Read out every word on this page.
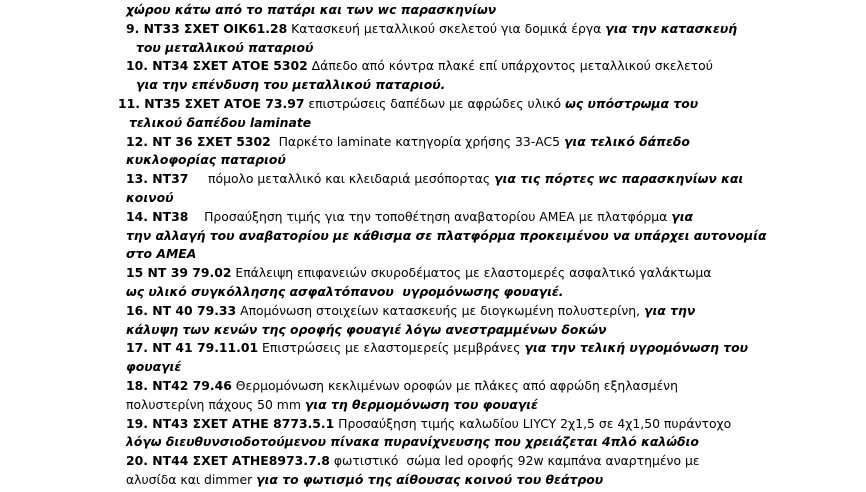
χώρου κάτω από το πατάρι και των wc παρασκηνίων
9. ΝΤ33 ΣΧΕΤ ΟΙΚ61.28 Κατασκευή μεταλλικού σκελετού για δομικά έργα για την κατασκευή
του μεταλλικού παταριού
10. ΝΤ34 ΣΧΕΤ ΑΤΟΕ 5302 Δάπεδο από κόντρα πλακέ επί υπάρχοντος μεταλλικού σκελετού
για την επένδυση του μεταλλικού παταριού.
11. ΝΤ35 ΣΧΕΤ ΑΤΟΕ 73.97 επιστρώσεις δαπέδων με αφρώδες υλικό ως υπόστρωμα του
τελικού δαπέδου laminate
12. ΝΤ 36 ΣΧΕΤ 5302  Παρκέτο laminate κατηγορία χρήσης 33-AC5 για τελικό δάπεδο
κυκλοφορίας παταριού
13. ΝΤ37     πόμολο μεταλλικό και κλειδαριά μεσόπορτας για τις πόρτες wc παρασκηνίων και
κοινού
14. ΝΤ38    Προσαύξηση τιμής για την τοποθέτηση αναβατορίου ΑΜΕΑ με πλατφόρμα για
την αλλαγή του αναβατορίου με κάθισμα σε πλατφόρμα προκειμένου να υπάρχει αυτονομία
στο ΑΜΕΑ
15 ΝΤ 39 79.02 Επάλειψη επιφανειών σκυροδέματος με ελαστομερές ασφαλτικό γαλάκτωμα
ως υλικό συγκόλλησης ασφαλτόπανου  υγρομόνωσης φουαγιέ.
16. ΝΤ 40 79.33 Απομόνωση στοιχείων κατασκευής με διογκωμένη πολυστερίνη, για την
κάλυψη των κενών της οροφής φουαγιέ λόγω ανεστραμμένων δοκών
17. ΝΤ 41 79.11.01 Επιστρώσεις με ελαστομερείς μεμβράνες για την τελική υγρομόνωση του
φουαγιέ
18. ΝΤ42 79.46 Θερμομόνωση κεκλιμένων οροφών με πλάκες από αφρώδη εξηλασμένη
πολυστερίνη πάχους 50 mm για τη θερμομόνωση του φουαγιέ
19. ΝΤ43 ΣΧΕΤ ΑΤΗΕ 8773.5.1 Προσαύξηση τιμής καλωδίου LIYCY 2χ1,5 σε 4χ1,50 πυράντοχο
λόγω διευθυνσιοδοτούμενου πίνακα πυρανίχνευσης που χρειάζεται 4πλό καλώδιο
20. ΝΤ44 ΣΧΕΤ ΑΤΗΕ8973.7.8 φωτιστικό  σώμα led οροφής 92w καμπάνα αναρτημένο με
αλυσίδα και dimmer για το φωτισμό της αίθουσας κοινού του θεάτρου
